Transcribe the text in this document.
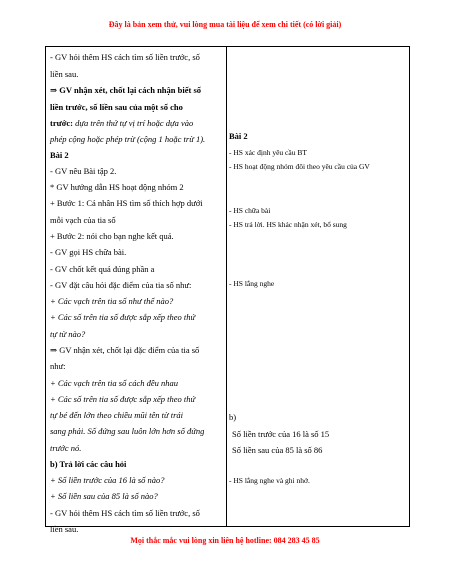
Đây là bản xem thử, vui lòng mua tài liệu để xem chi tiết (có lời giải)
- GV hỏi thêm HS cách tìm số liền trước, số
liền sau.
⇒ GV nhận xét, chốt lại cách nhận biết số
liền trước, số liền sau của một số cho
trước: dựa trên thứ tự vị trí hoặc dựa vào
phép cộng hoặc phép trừ (cộng 1 hoặc trừ 1).
Bài 2
- GV nêu Bài tập 2.
* GV hướng dẫn HS hoạt động nhóm 2
+ Bước 1: Cá nhân HS tìm số thích hợp dưới
mỗi vạch của tia số
+ Bước 2: nói cho bạn nghe kết quả.
- GV gọi HS chữa bài.
- GV chốt kết quả đúng phần a
- GV đặt câu hỏi đặc điểm của tia số như:
+ Các vạch trên tia số như thế nào?
+ Các số trên tia số được sắp xếp theo thứ
tự từ nào?
⇒ GV nhận xét, chốt lại đặc điểm của tia số
như:
+ Các vạch trên tia số cách đều nhau
+ Các số trên tia số được sắp xếp theo thứ
tự bé đến lớn theo chiều mũi tên từ trái
sang phải. Số đứng sau luôn lớn hơn số đứng
trước nó.
b) Trả lời các câu hỏi
+ Số liền trước của 16 là số nào?
+ Số liền sau của 85 là số nào?
- GV hỏi thêm HS cách tìm số liền trước, số
liền sau.
Bài 2
- HS xác định yêu cầu BT
- HS hoạt động nhóm đôi theo yêu cầu của GV
- HS chữa bài
- HS trả lời. HS khác nhận xét, bổ sung
- HS lắng nghe
b)
Số liền trước của 16 là số 15
Số liền sau của 85 là số 86
- HS lắng nghe và ghi nhớ.
Mọi thắc mắc vui lòng xin liên hệ hotline: 084 283 45 85
